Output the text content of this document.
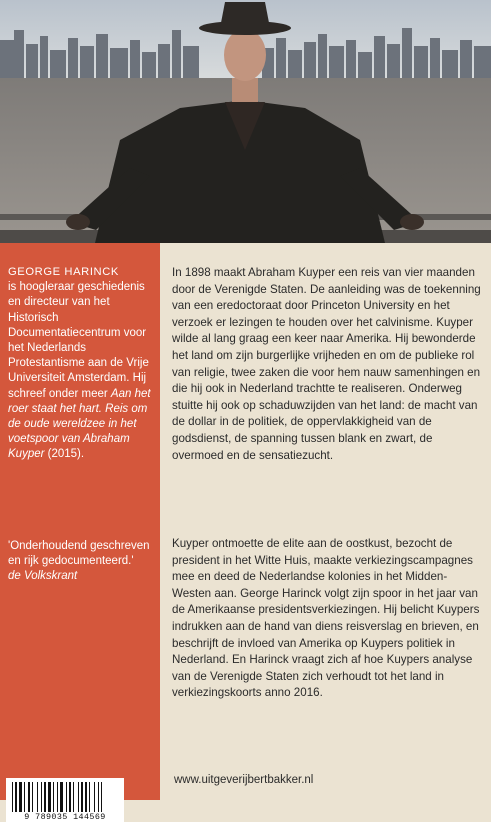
GEORGE HARINCK
is hoogleraar geschiedenis en directeur van het Historisch Documentatiecentrum voor het Nederlands Protestantisme aan de Vrije Universiteit Amsterdam. Hij schreef onder meer Aan het roer staat het hart. Reis om de oude wereldzee in het voetspoor van Abraham Kuyper (2015).
'Onderhoudend geschreven en rijk gedocumenteerd.'
de Volkskrant
9 789035 144569

In 1898 maakt Abraham Kuyper een reis van vier maanden door de Verenigde Staten. De aanleiding was de toekenning van een eredoctoraat door Princeton University en het verzoek er lezingen te houden over het calvinisme. Kuyper wilde al lang graag een keer naar Amerika. Hij bewonderde het land om zijn burgerlijke vrijheden en om de publieke rol van religie, twee zaken die voor hem nauw samenhingen en die hij ook in Nederland trachtte te realiseren. Onderweg stuitte hij ook op schaduwzijden van het land: de macht van de dollar in de politiek, de oppervlakkigheid van de godsdienst, de spanning tussen blank en zwart, de overmoed en de sensatiezucht.

Kuyper ontmoette de elite aan de oostkust, bezocht de president in het Witte Huis, maakte verkiezingscampagnes mee en deed de Nederlandse kolonies in het Midden-Westen aan. George Harinck volgt zijn spoor in het jaar van de Amerikaanse presidentsverkiezingen. Hij belicht Kuypers indrukken aan de hand van diens reisverslag en brieven, en beschrijft de invloed van Amerika op Kuypers politiek in Nederland. En Harinck vraagt zich af hoe Kuypers analyse van de Verenigde Staten zich verhoudt tot het land in verkiezingskoorts anno 2016.

www.uitgeverijbertbakker.nl
